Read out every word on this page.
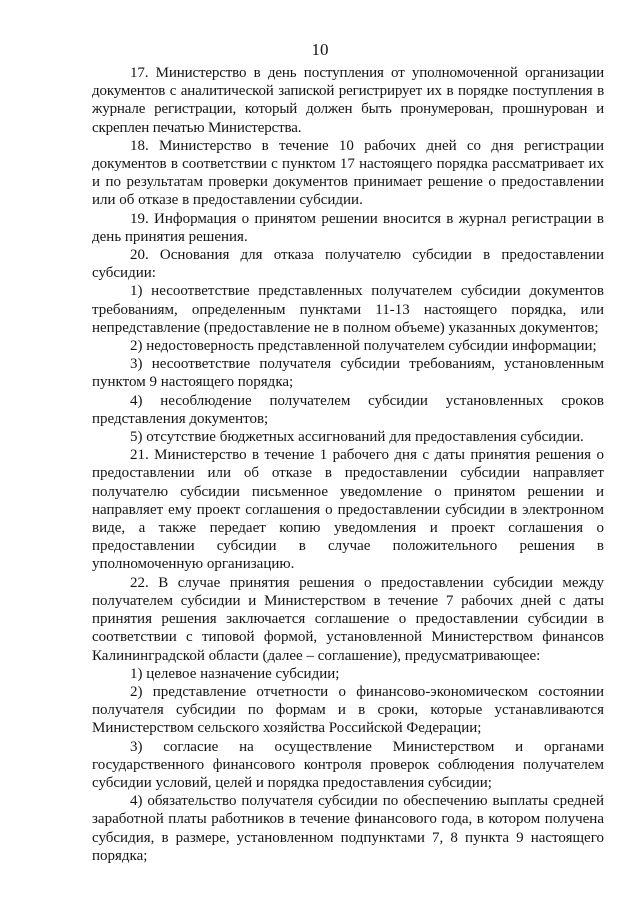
10

17. Министерство в день поступления от уполномоченной организации документов с аналитической запиской регистрирует их в порядке поступления в журнале регистрации, который должен быть пронумерован, прошнурован и скреплен печатью Министерства.

18. Министерство в течение 10 рабочих дней со дня регистрации документов в соответствии с пунктом 17 настоящего порядка рассматривает их и по результатам проверки документов принимает решение о предоставлении или об отказе в предоставлении субсидии.

19. Информация о принятом решении вносится в журнал регистрации в день принятия решения.

20. Основания для отказа получателю субсидии в предоставлении субсидии:

1) несоответствие представленных получателем субсидии документов требованиям, определенным пунктами 11-13 настоящего порядка, или непредставление (предоставление не в полном объеме) указанных документов;

2) недостоверность представленной получателем субсидии информации;

3) несоответствие получателя субсидии требованиям, установленным пунктом 9 настоящего порядка;

4) несоблюдение получателем субсидии установленных сроков представления документов;

5) отсутствие бюджетных ассигнований для предоставления субсидии.

21. Министерство в течение 1 рабочего дня с даты принятия решения о предоставлении или об отказе в предоставлении субсидии направляет получателю субсидии письменное уведомление о принятом решении и направляет ему проект соглашения о предоставлении субсидии в электронном виде, а также передает копию уведомления и проект соглашения о предоставлении субсидии в случае положительного решения в уполномоченную организацию.

22. В случае принятия решения о предоставлении субсидии между получателем субсидии и Министерством в течение 7 рабочих дней с даты принятия решения заключается соглашение о предоставлении субсидии в соответствии с типовой формой, установленной Министерством финансов Калининградской области (далее – соглашение), предусматривающее:

1) целевое назначение субсидии;

2) представление отчетности о финансово-экономическом состоянии получателя субсидии по формам и в сроки, которые устанавливаются Министерством сельского хозяйства Российской Федерации;

3) согласие на осуществление Министерством и органами государственного финансового контроля проверок соблюдения получателем субсидии условий, целей и порядка предоставления субсидии;

4) обязательство получателя субсидии по обеспечению выплаты средней заработной платы работников в течение финансового года, в котором получена субсидия, в размере, установленном подпунктами 7, 8 пункта 9 настоящего порядка;
